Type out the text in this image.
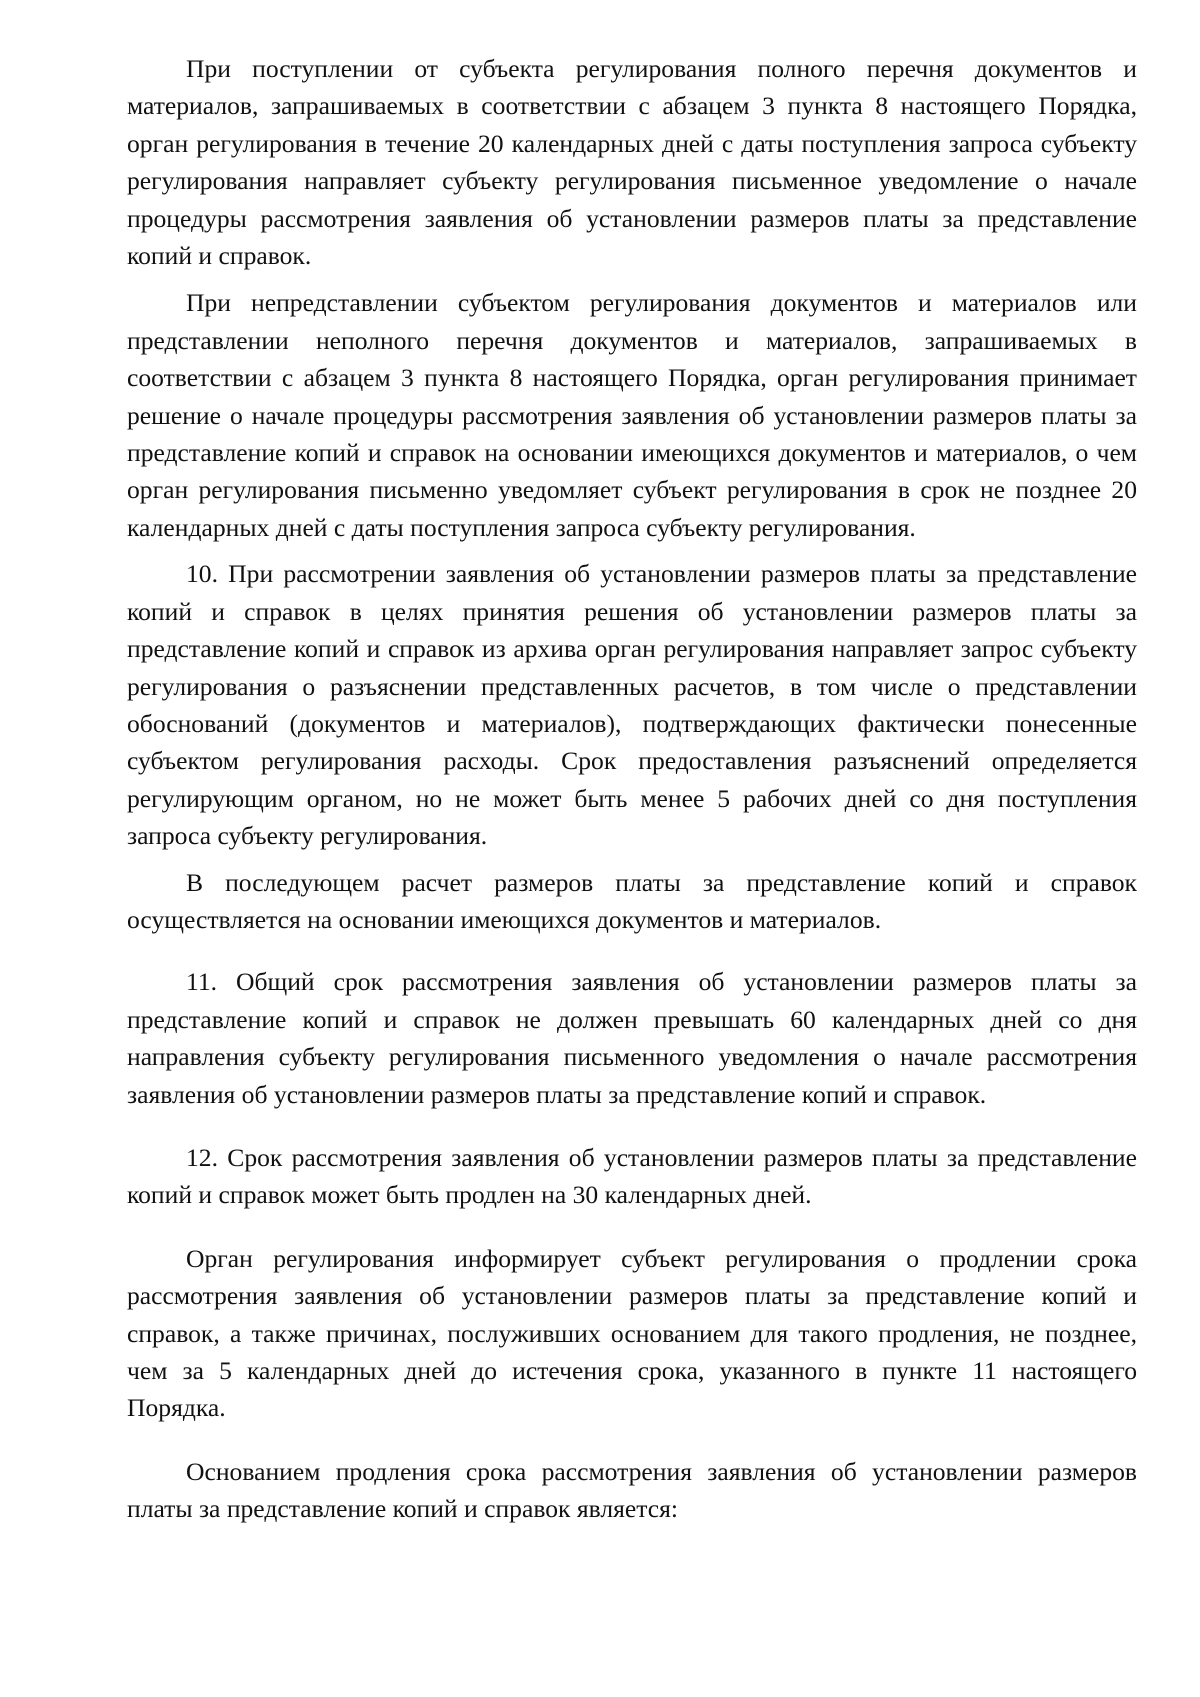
При поступлении от субъекта регулирования полного перечня документов и материалов, запрашиваемых в соответствии с абзацем 3 пункта 8 настоящего Порядка, орган регулирования в течение 20 календарных дней с даты поступления запроса субъекту регулирования направляет субъекту регулирования письменное уведомление о начале процедуры рассмотрения заявления об установлении размеров платы за представление копий и справок.

При непредставлении субъектом регулирования документов и материалов или представлении неполного перечня документов и материалов, запрашиваемых в соответствии с абзацем 3 пункта 8 настоящего Порядка, орган регулирования принимает решение о начале процедуры рассмотрения заявления об установлении размеров платы за представление копий и справок на основании имеющихся документов и материалов, о чем орган регулирования письменно уведомляет субъект регулирования в срок не позднее 20 календарных дней с даты поступления запроса субъекту регулирования.

10. При рассмотрении заявления об установлении размеров платы за представление копий и справок в целях принятия решения об установлении размеров платы за представление копий и справок из архива орган регулирования направляет запрос субъекту регулирования о разъяснении представленных расчетов, в том числе о представлении обоснований (документов и материалов), подтверждающих фактически понесенные субъектом регулирования расходы. Срок предоставления разъяснений определяется регулирующим органом, но не может быть менее 5 рабочих дней со дня поступления запроса субъекту регулирования.

В последующем расчет размеров платы за представление копий и справок осуществляется на основании имеющихся документов и материалов.

11. Общий срок рассмотрения заявления об установлении размеров платы за представление копий и справок не должен превышать 60 календарных дней со дня направления субъекту регулирования письменного уведомления о начале рассмотрения заявления об установлении размеров платы за представление копий и справок.

12. Срок рассмотрения заявления об установлении размеров платы за представление копий и справок может быть продлен на 30 календарных дней.

Орган регулирования информирует субъект регулирования о продлении срока рассмотрения заявления об установлении размеров платы за представление копий и справок, а также причинах, послуживших основанием для такого продления, не позднее, чем за 5 календарных дней до истечения срока, указанного в пункте 11 настоящего Порядка.

Основанием продления срока рассмотрения заявления об установлении размеров платы за представление копий и справок является:
